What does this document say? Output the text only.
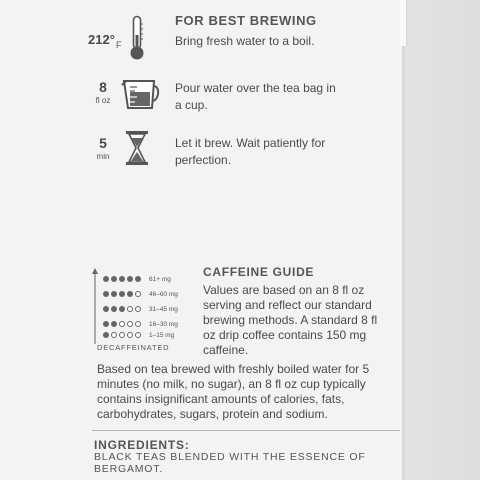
FOR BEST BREWING
212° F	Bring fresh water to a boil.
8
fl oz
Pour water over the tea bag in a cup.
5
min
Let it brew. Wait patiently for perfection.
61+ mg
46–60 mg
31–45 mg
16–30 mg
1–15 mg
DECAFFEINATED
CAFFEINE GUIDE
Values are based on an 8 fl oz serving and reflect our standard brewing methods. A standard 8 fl oz drip coffee contains 150 mg caffeine.
Based on tea brewed with freshly boiled water for 5 minutes (no milk, no sugar), an 8 fl oz cup typically contains insignificant amounts of calories, fats, carbohydrates, sugars, protein and sodium.
INGREDIENTS:
BLACK TEAS BLENDED WITH THE ESSENCE OF BERGAMOT.
